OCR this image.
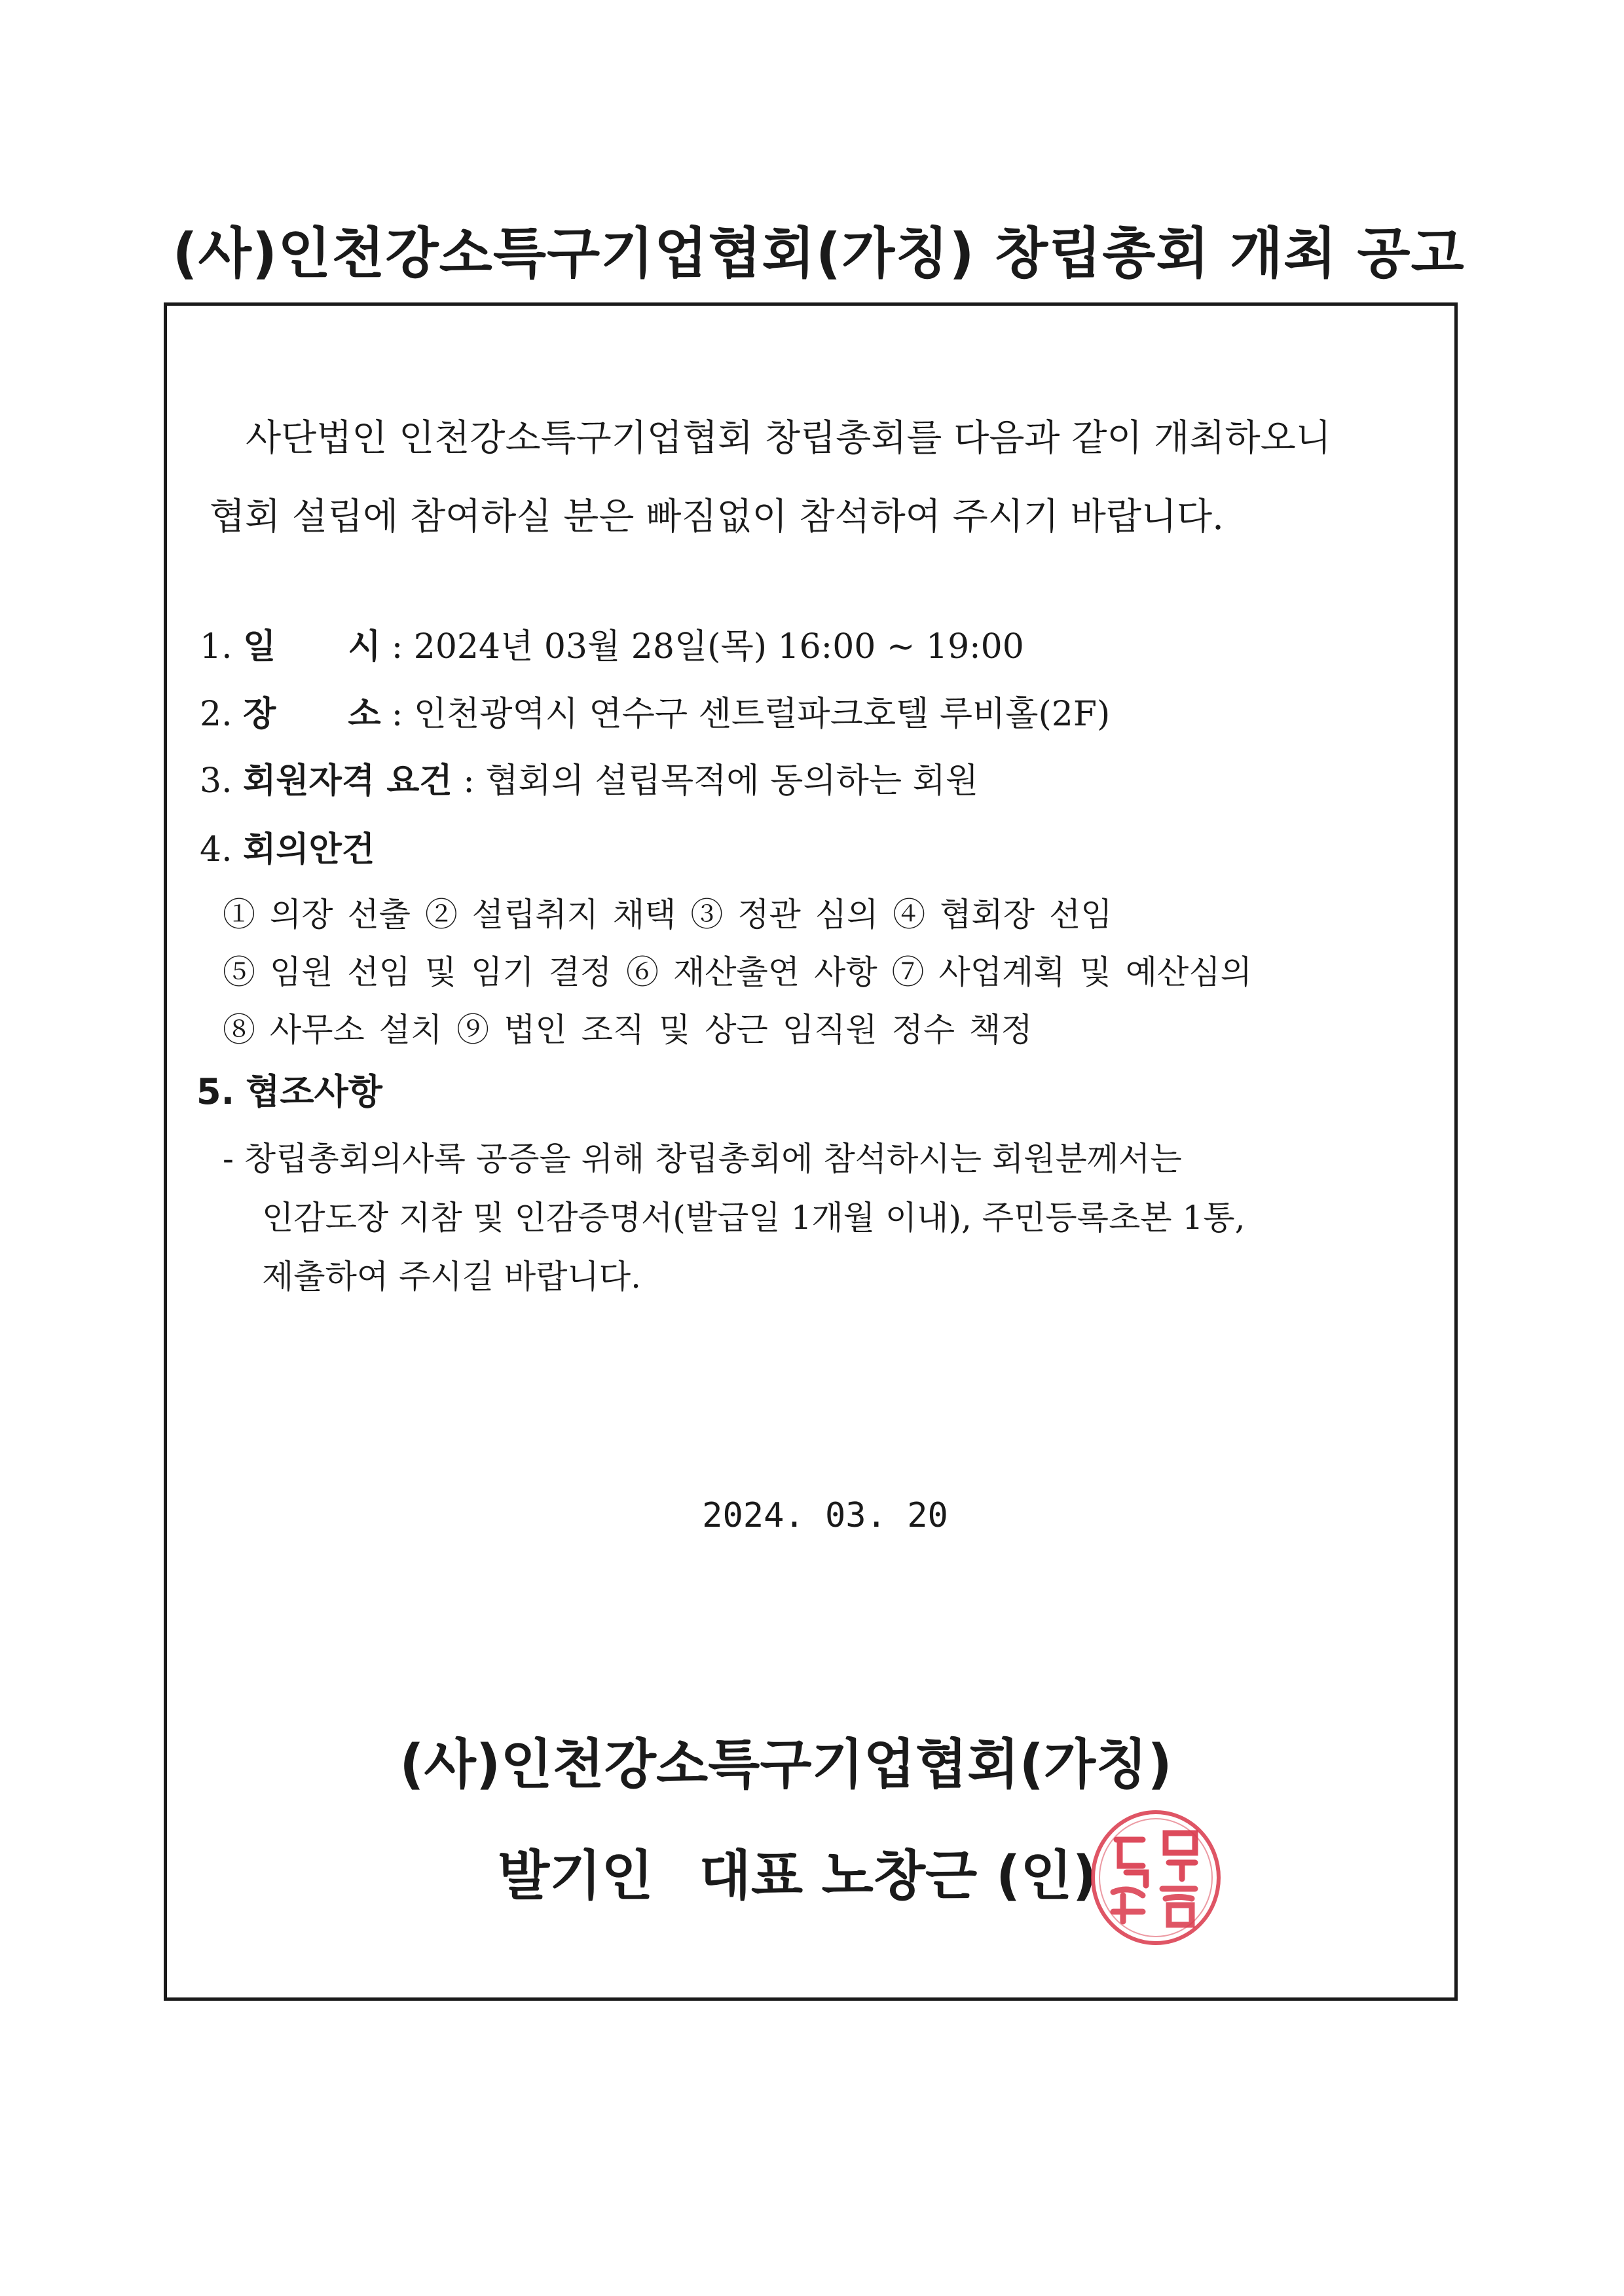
(사)인천강소특구기업협회(가칭) 창립총회 개최 공고

사단법인 인천강소특구기업협회 창립총회를 다음과 같이 개최하오니
협회 설립에 참여하실 분은 빠짐없이 참석하여 주시기 바랍니다.

1. 일 시 : 2024년 03월 28일(목) 16:00 ~ 19:00

2. 장 소 : 인천광역시 연수구 센트럴파크호텔 루비홀(2F)

3. 회원자격 요건 : 협회의 설립목적에 동의하는 회원

4. 회의안건

① 의장 선출 ② 설립취지 채택 ③ 정관 심의 ④ 협회장 선임

⑤ 임원 선임 및 임기 결정 ⑥ 재산출연 사항 ⑦ 사업계획 및 예산심의

⑧ 사무소 설치 ⑨ 법인 조직 및 상근 임직원 정수 책정

5. 협조사항

- 창립총회의사록 공증을 위해 창립총회에 참석하시는 회원분께서는

인감도장 지참 및 인감증명서(발급일 1개월 이내), 주민등록초본 1통,

제출하여 주시길 바랍니다.

2024. 03. 20

(사)인천강소특구기업협회(가칭)

발기인 대표 노창근 (인)
